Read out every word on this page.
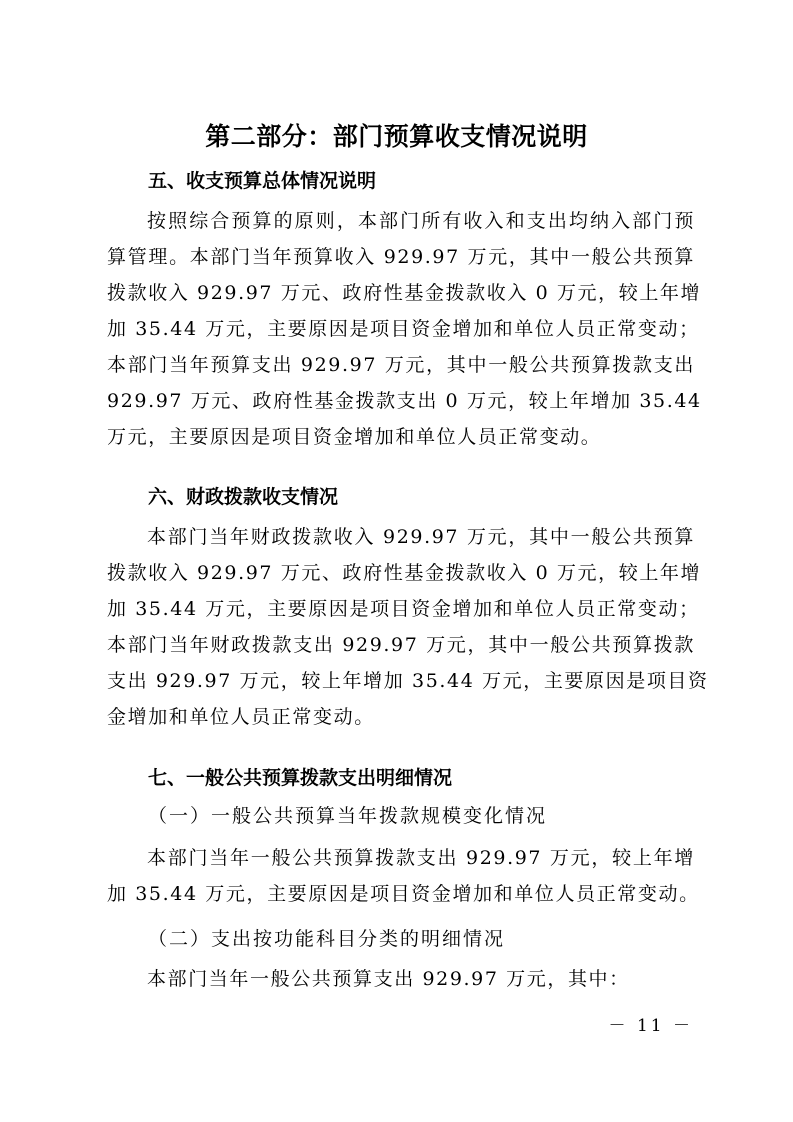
第二部分：部门预算收支情况说明
五、收支预算总体情况说明
按照综合预算的原则，本部门所有收入和支出均纳入部门预
算管理。本部门当年预算收入 929.97 万元，其中一般公共预算
拨款收入 929.97 万元、政府性基金拨款收入 0 万元，较上年增
加 35.44 万元，主要原因是项目资金增加和单位人员正常变动；
本部门当年预算支出 929.97 万元，其中一般公共预算拨款支出
929.97 万元、政府性基金拨款支出 0 万元，较上年增加 35.44
万元，主要原因是项目资金增加和单位人员正常变动。
六、财政拨款收支情况
本部门当年财政拨款收入 929.97 万元，其中一般公共预算
拨款收入 929.97 万元、政府性基金拨款收入 0 万元，较上年增
加 35.44 万元，主要原因是项目资金增加和单位人员正常变动；
本部门当年财政拨款支出 929.97 万元，其中一般公共预算拨款
支出 929.97 万元，较上年增加 35.44 万元，主要原因是项目资
金增加和单位人员正常变动。
七、一般公共预算拨款支出明细情况
（一）一般公共预算当年拨款规模变化情况
本部门当年一般公共预算拨款支出 929.97 万元，较上年增
加 35.44 万元，主要原因是项目资金增加和单位人员正常变动。
（二）支出按功能科目分类的明细情况
本部门当年一般公共预算支出 929.97 万元，其中：
－ 11 －
